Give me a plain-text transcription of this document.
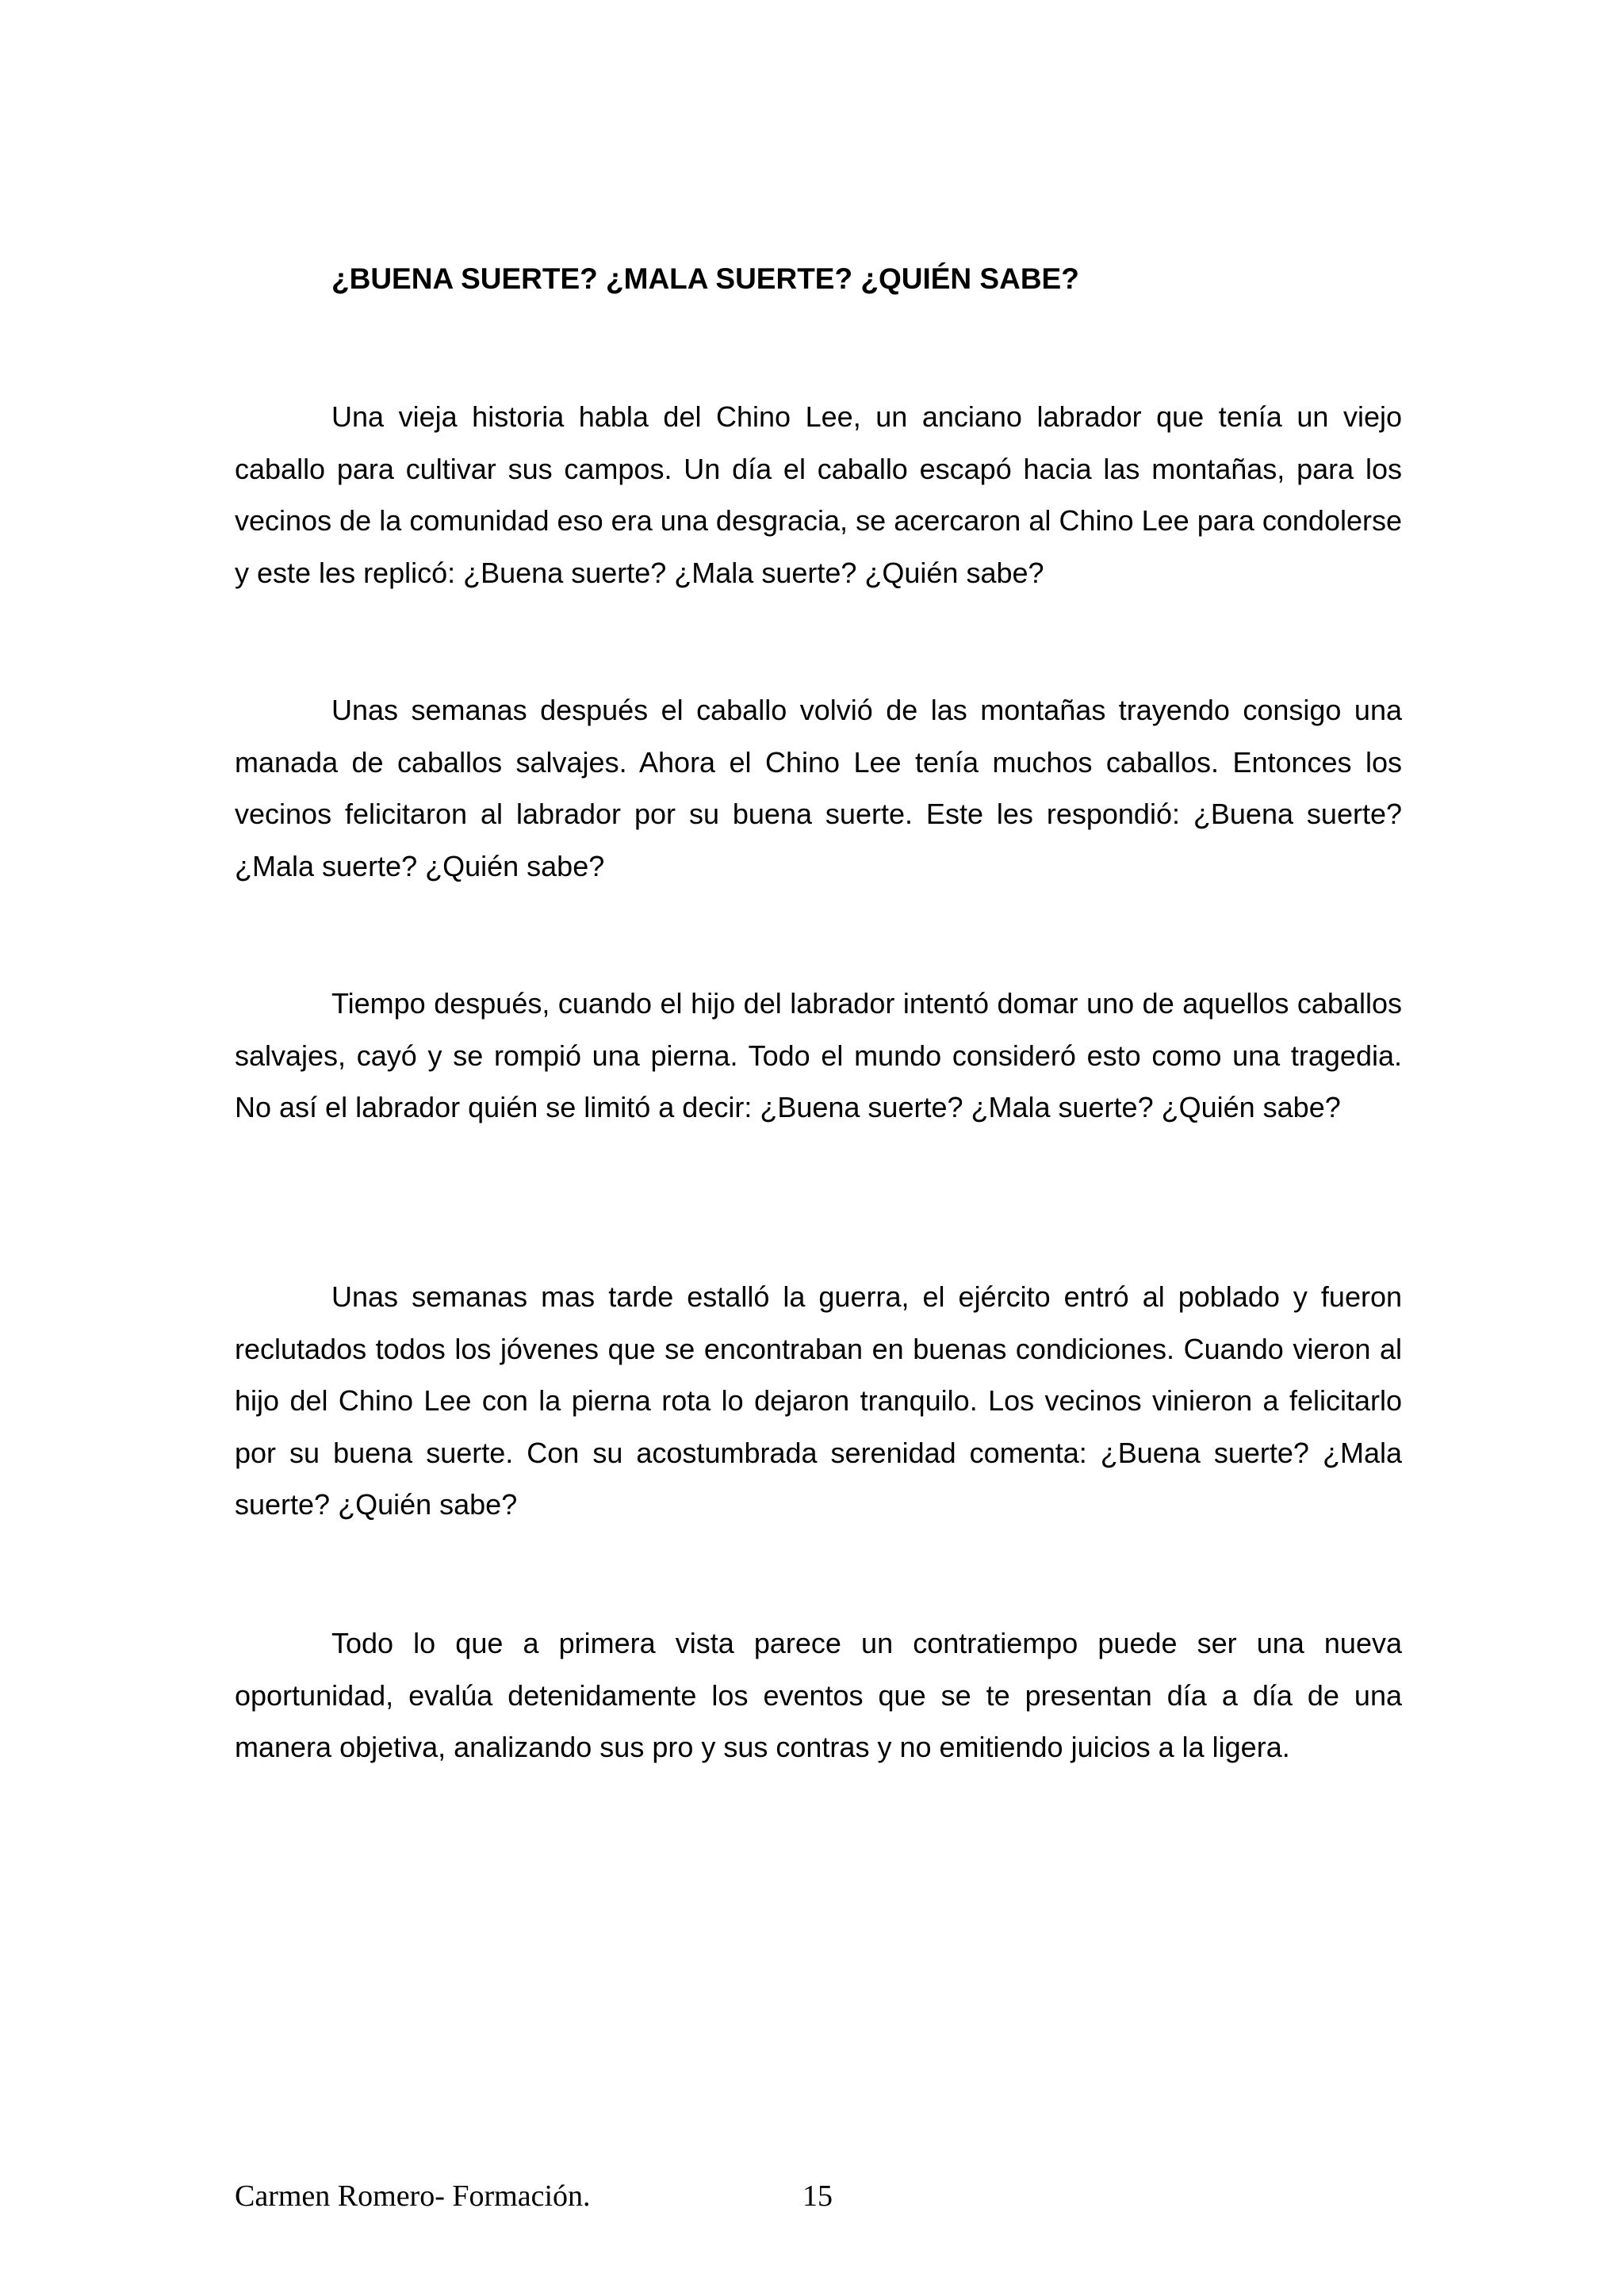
¿BUENA SUERTE? ¿MALA SUERTE? ¿QUIÉN SABE?

Una vieja historia habla del Chino Lee, un anciano labrador que tenía un viejo caballo para cultivar sus campos. Un día el caballo escapó hacia las montañas, para los vecinos de la comunidad eso era una desgracia, se acercaron al Chino Lee para condolerse y este les replicó: ¿Buena suerte? ¿Mala suerte? ¿Quién sabe?

Unas semanas después el caballo volvió de las montañas trayendo consigo una manada de caballos salvajes. Ahora el Chino Lee tenía muchos caballos. Entonces los vecinos felicitaron al labrador por su buena suerte. Este les respondió: ¿Buena suerte? ¿Mala suerte? ¿Quién sabe?

Tiempo después, cuando el hijo del labrador intentó domar uno de aquellos caballos salvajes, cayó y se rompió una pierna. Todo el mundo consideró esto como una tragedia. No así el labrador quién se limitó a decir: ¿Buena suerte? ¿Mala suerte? ¿Quién sabe?

Unas semanas mas tarde estalló la guerra, el ejército entró al poblado y fueron reclutados todos los jóvenes que se encontraban en buenas condiciones. Cuando vieron al hijo del Chino Lee con la pierna rota lo dejaron tranquilo. Los vecinos vinieron a felicitarlo por su buena suerte. Con su acostumbrada serenidad comenta: ¿Buena suerte? ¿Mala suerte? ¿Quién sabe?

Todo lo que a primera vista parece un contratiempo puede ser una nueva oportunidad, evalúa detenidamente los eventos que se te presentan día a día de una manera objetiva, analizando sus pro y sus contras y no emitiendo juicios a la ligera.

Carmen Romero- Formación.	15
